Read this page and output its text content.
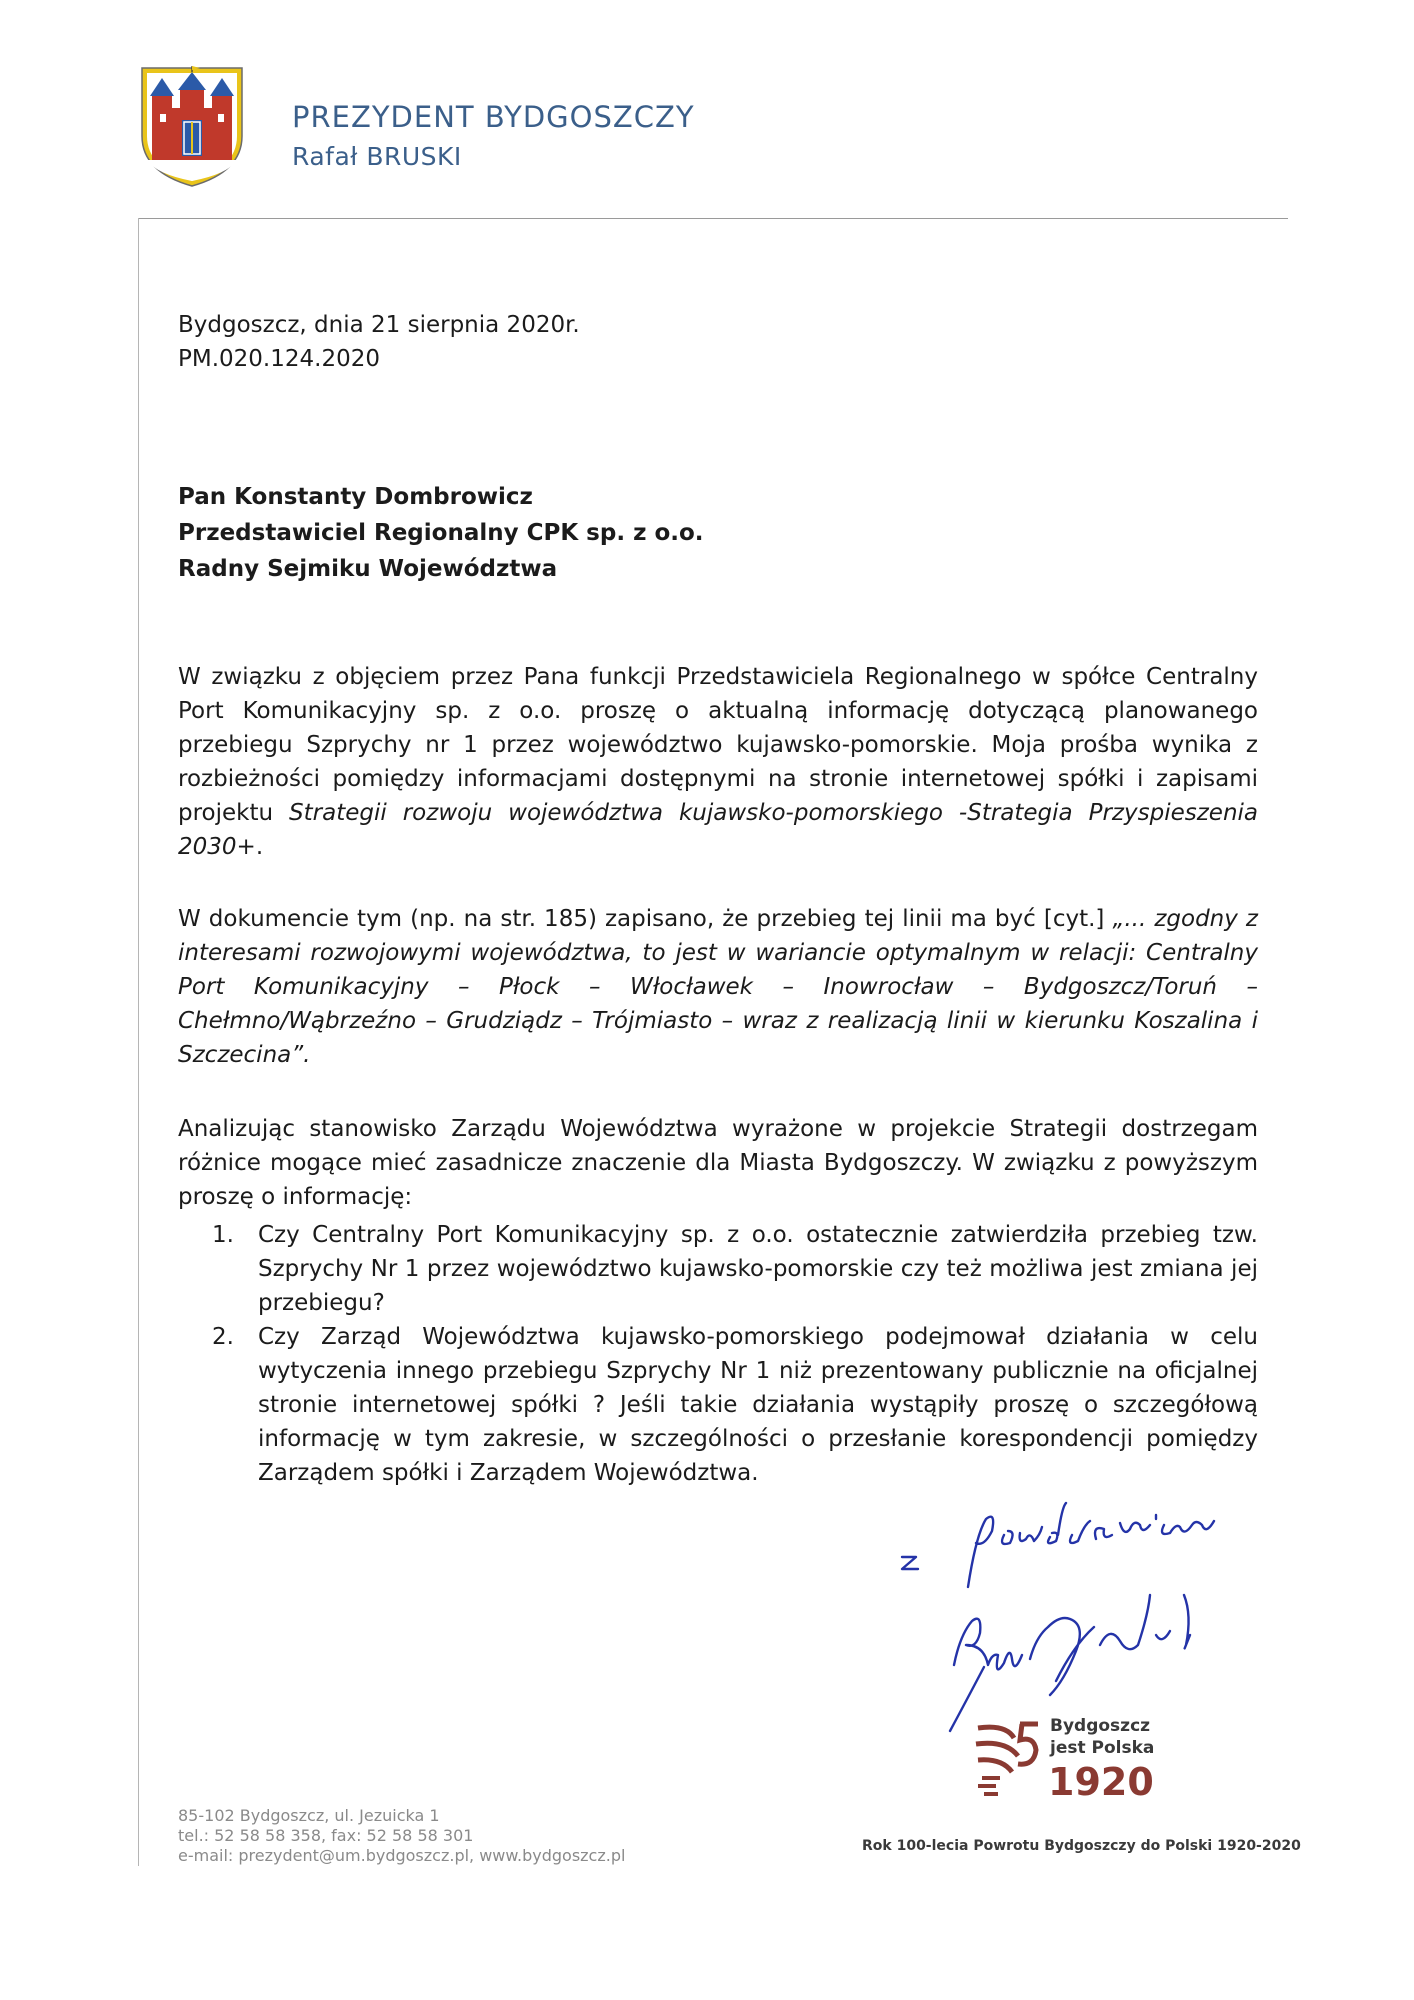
PREZYDENT BYDGOSZCZY
Rafał BRUSKI
Bydgoszcz, dnia 21 sierpnia 2020r.
PM.020.124.2020
Pan Konstanty Dombrowicz
Przedstawiciel Regionalny CPK sp. z o.o.
Radny Sejmiku Województwa

W związku z objęciem przez Pana funkcji Przedstawiciela Regionalnego w spółce Centralny Port Komunikacyjny sp. z o.o. proszę o aktualną informację dotyczącą planowanego przebiegu Szprychy nr 1 przez województwo kujawsko-pomorskie. Moja prośba wynika z rozbieżności pomiędzy informacjami dostępnymi na stronie internetowej spółki i zapisami projektu Strategii rozwoju województwa kujawsko-pomorskiego -Strategia Przyspieszenia 2030+.

W dokumencie tym (np. na str. 185) zapisano, że przebieg tej linii ma być [cyt.] „... zgodny z interesami rozwojowymi województwa, to jest w wariancie optymalnym w relacji: Centralny Port Komunikacyjny – Płock – Włocławek – Inowrocław – Bydgoszcz/Toruń – Chełmno/Wąbrzeźno – Grudziądz – Trójmiasto – wraz z realizacją linii w kierunku Koszalina i Szczecina”.

Analizując stanowisko Zarządu Województwa wyrażone w projekcie Strategii dostrzegam różnice mogące mieć zasadnicze znaczenie dla Miasta Bydgoszczy. W związku z powyższym proszę o informację:

1. Czy Centralny Port Komunikacyjny sp. z o.o. ostatecznie zatwierdziła przebieg tzw. Szprychy Nr 1 przez województwo kujawsko-pomorskie czy też możliwa jest zmiana jej przebiegu?
2. Czy Zarząd Województwa kujawsko-pomorskiego podejmował działania w celu wytyczenia innego przebiegu Szprychy Nr 1 niż prezentowany publicznie na oficjalnej stronie internetowej spółki ? Jeśli takie działania wystąpiły proszę o szczegółową informację w tym zakresie, w szczególności o przesłanie korespondencji pomiędzy Zarządem spółki i Zarządem Województwa.
Bydgoszcz
jest Polska
1920
85-102 Bydgoszcz, ul. Jezuicka 1
tel.: 52 58 58 358, fax: 52 58 58 301
e-mail: prezydent@um.bydgoszcz.pl, www.bydgoszcz.pl	Rok 100-lecia Powrotu Bydgoszczy do Polski 1920-2020
